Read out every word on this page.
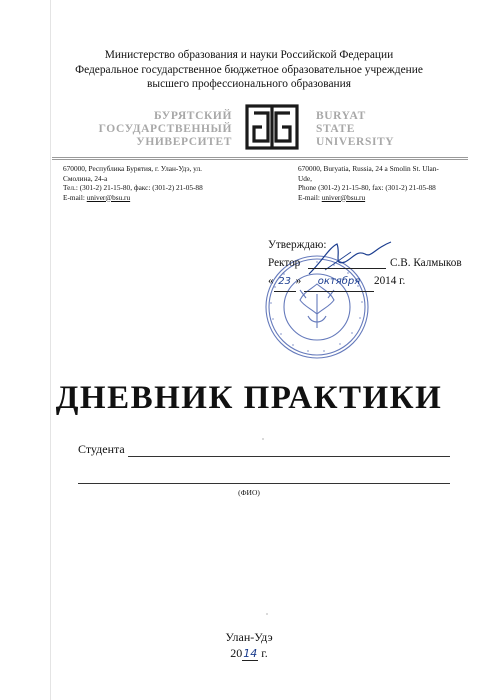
Министерство образования и науки Российской Федерации
Федеральное государственное бюджетное образовательное учреждение
высшего профессионального образования
БУРЯТСКИЙ
ГОСУДАРСТВЕННЫЙ
УНИВЕРСИТЕТ
BURYAT
STATE
UNIVERSITY
670000, Республика Бурятия, г. Улан-Удэ, ул.
Смолина, 24-а
Тел.: (301-2) 21-15-80, факс: (301-2) 21-05-88
E-mail: univer@bsu.ru
670000, Buryatia, Russia, 24 a Smolin St. Ulan-
Ude,
Phone (301-2) 21-15-80, fax: (301-2) 21-05-88
E-mail: univer@bsu.ru
Утверждаю:
Ректор	С.В. Калмыков
« 23 » октября 2014 г.
ДНЕВНИК ПРАКТИКИ
Студента
(ФИО)
Улан-Удэ
2014 г.
